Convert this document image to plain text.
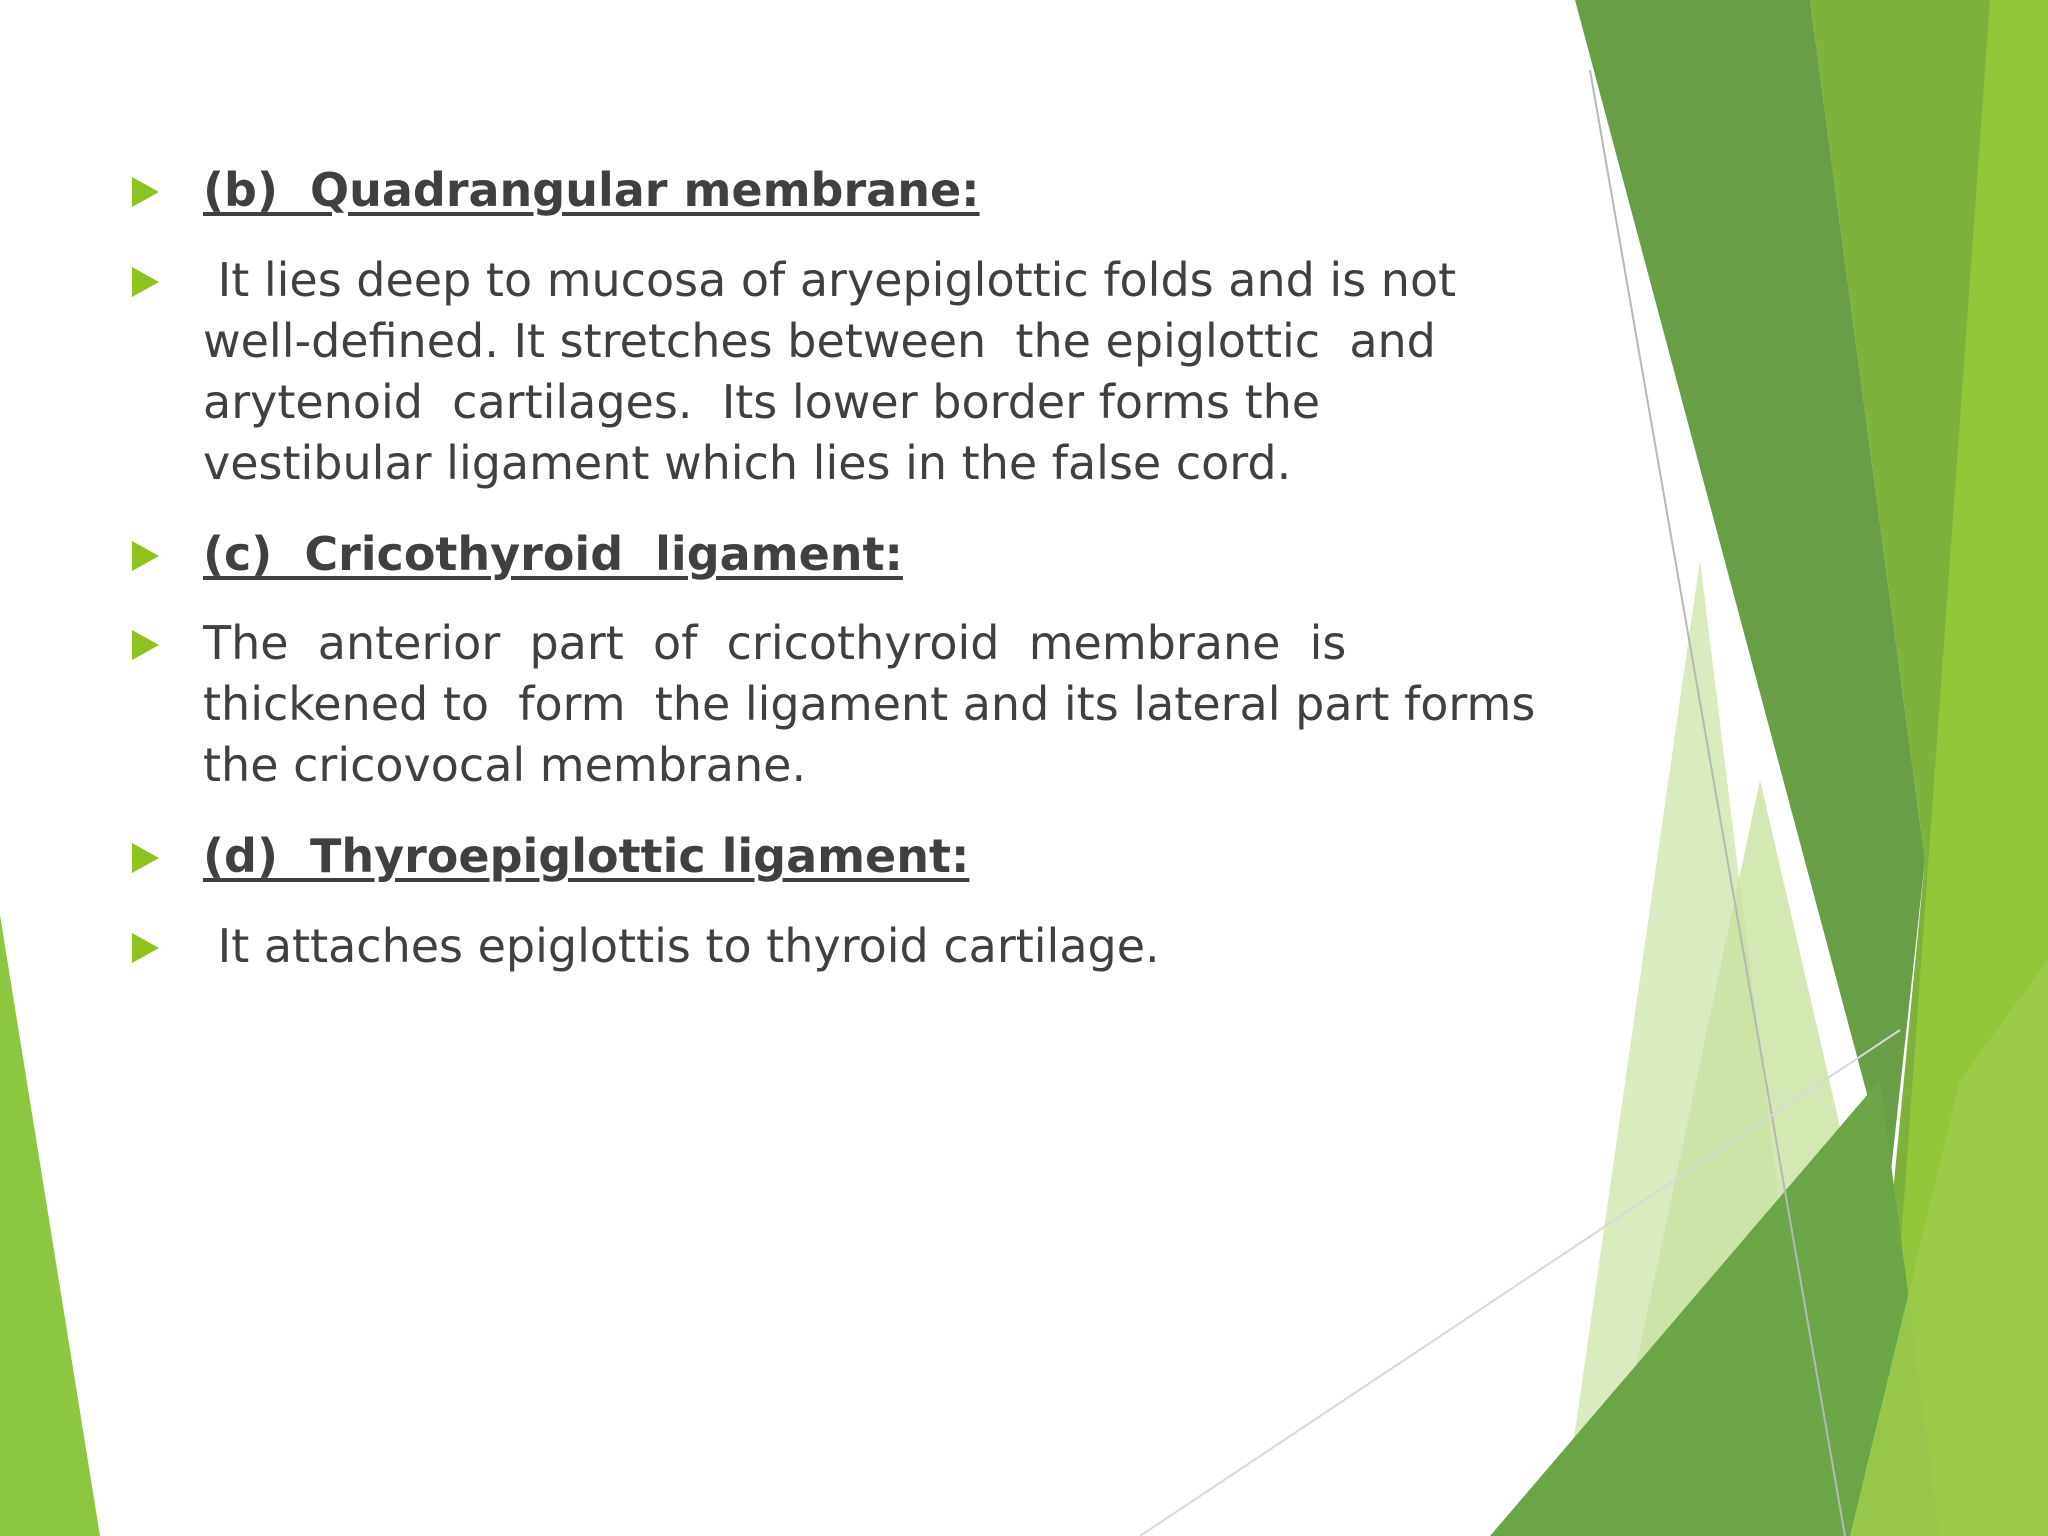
(b)  Quadrangular membrane:

It lies deep to mucosa of aryepiglottic folds and is not

well-defined. It stretches between  the epiglottic  and

arytenoid  cartilages.  Its lower border forms the

vestibular ligament which lies in the false cord.

(c)  Cricothyroid  ligament:

The  anterior  part  of  cricothyroid  membrane  is

thickened to  form  the ligament and its lateral part forms

the cricovocal membrane.

(d)  Thyroepiglottic ligament:

It attaches epiglottis to thyroid cartilage.
